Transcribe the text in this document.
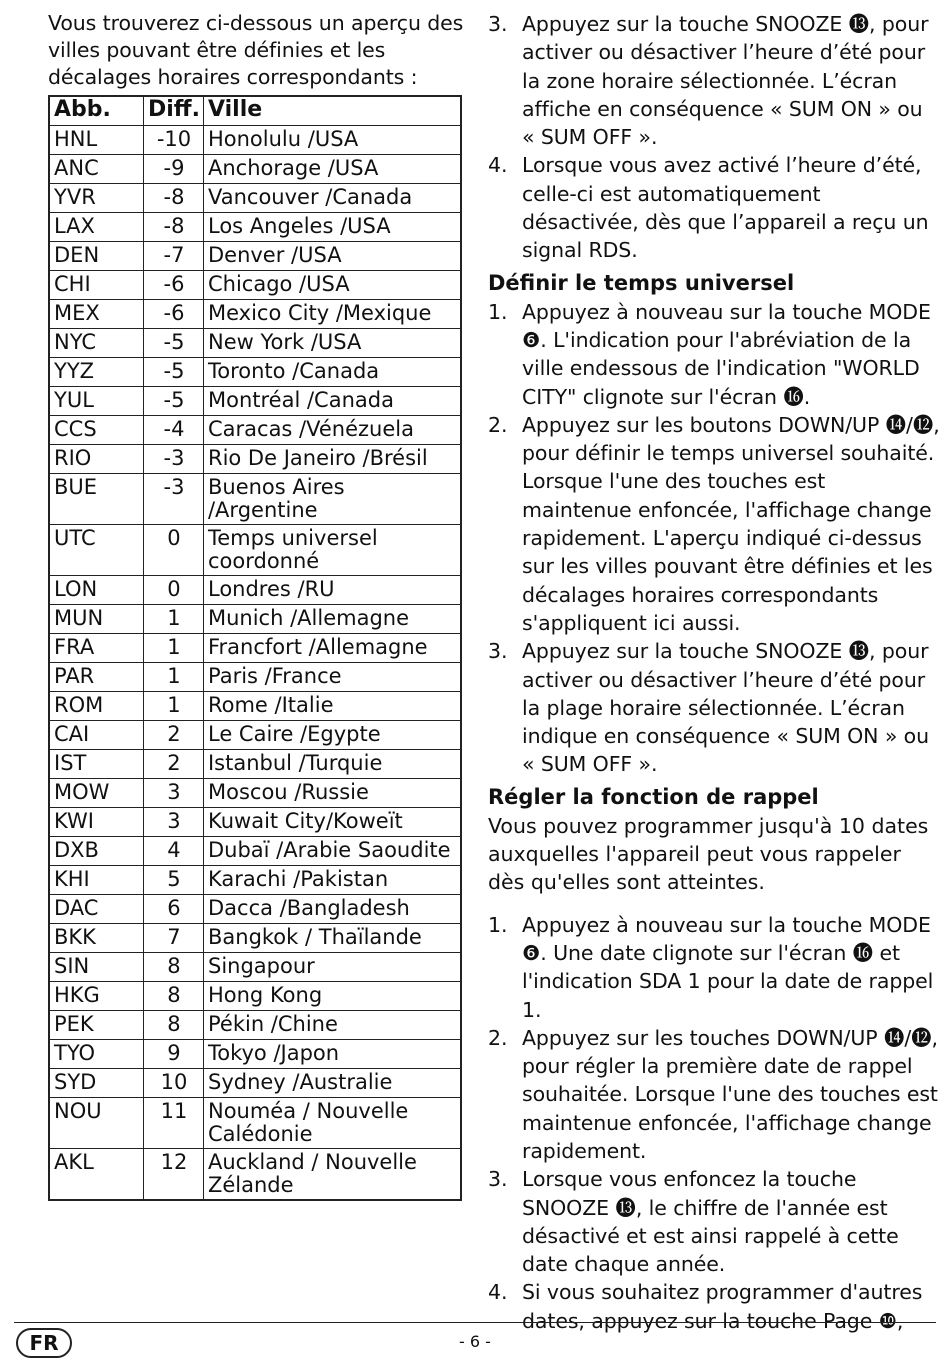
Vous trouverez ci-dessous un aperçu des villes pouvant être définies et les décalages horaires correspondants :

Abb.	Diff.	Ville
HNL	-10	Honolulu /USA
ANC	-9	Anchorage /USA
YVR	-8	Vancouver /Canada
LAX	-8	Los Angeles /USA
DEN	-7	Denver /USA
CHI	-6	Chicago /USA
MEX	-6	Mexico City /Mexique
NYC	-5	New York /USA
YYZ	-5	Toronto /Canada
YUL	-5	Montréal /Canada
CCS	-4	Caracas /Vénézuela
RIO	-3	Rio De Janeiro /Brésil
BUE	-3	Buenos Aires /Argentine
UTC	0	Temps universel coordonné
LON	0	Londres /RU
MUN	1	Munich /Allemagne
FRA	1	Francfort /Allemagne
PAR	1	Paris /France
ROM	1	Rome /Italie
CAI	2	Le Caire /Egypte
IST	2	Istanbul /Turquie
MOW	3	Moscou /Russie
KWI	3	Kuwait City/Koweït
DXB	4	Dubaï /Arabie Saoudite
KHI	5	Karachi /Pakistan
DAC	6	Dacca /Bangladesh
BKK	7	Bangkok / Thaïlande
SIN	8	Singapour
HKG	8	Hong Kong
PEK	8	Pékin /Chine
TYO	9	Tokyo /Japon
SYD	10	Sydney /Australie
NOU	11	Nouméa / Nouvelle Calédonie
AKL	12	Auckland / Nouvelle Zélande
3. Appuyez sur la touche SNOOZE ⓭, pour activer ou désactiver l’heure d’été pour la zone horaire sélectionnée. L’écran affiche en conséquence « SUM ON » ou « SUM OFF ».
4. Lorsque vous avez activé l’heure d’été, celle-ci est automatiquement désactivée, dès que l’appareil a reçu un signal RDS.
Définir le temps universel
1. Appuyez à nouveau sur la touche MODE ❻. L'indication pour l'abréviation de la ville endessous de l'indication "WORLD CITY" clignote sur l'écran ⓰.
2. Appuyez sur les boutons DOWN/UP ⓮/⓬, pour définir le temps universel souhaité. Lorsque l'une des touches est maintenue enfoncée, l'affichage change rapidement. L'aperçu indiqué ci-dessus sur les villes pouvant être définies et les décalages horaires correspondants s'appliquent ici aussi.
3. Appuyez sur la touche SNOOZE ⓭, pour activer ou désactiver l’heure d’été pour la plage horaire sélectionnée. L’écran indique en conséquence « SUM ON » ou « SUM OFF ».
Régler la fonction de rappel

Vous pouvez programmer jusqu'à 10 dates auxquelles l'appareil peut vous rappeler dès qu'elles sont atteintes.

1. Appuyez à nouveau sur la touche MODE ❻. Une date clignote sur l'écran ⓰ et l'indication SDA 1 pour la date de rappel 1.
2. Appuyez sur les touches DOWN/UP ⓮/⓬, pour régler la première date de rappel souhaitée. Lorsque l'une des touches est maintenue enfoncée, l'affichage change rapidement.
3. Lorsque vous enfoncez la touche SNOOZE ⓭, le chiffre de l'année est désactivé et est ainsi rappelé à cette date chaque année.
4. Si vous souhaitez programmer d'autres dates, appuyez sur la touche Page ❿,
FR	- 6 -
